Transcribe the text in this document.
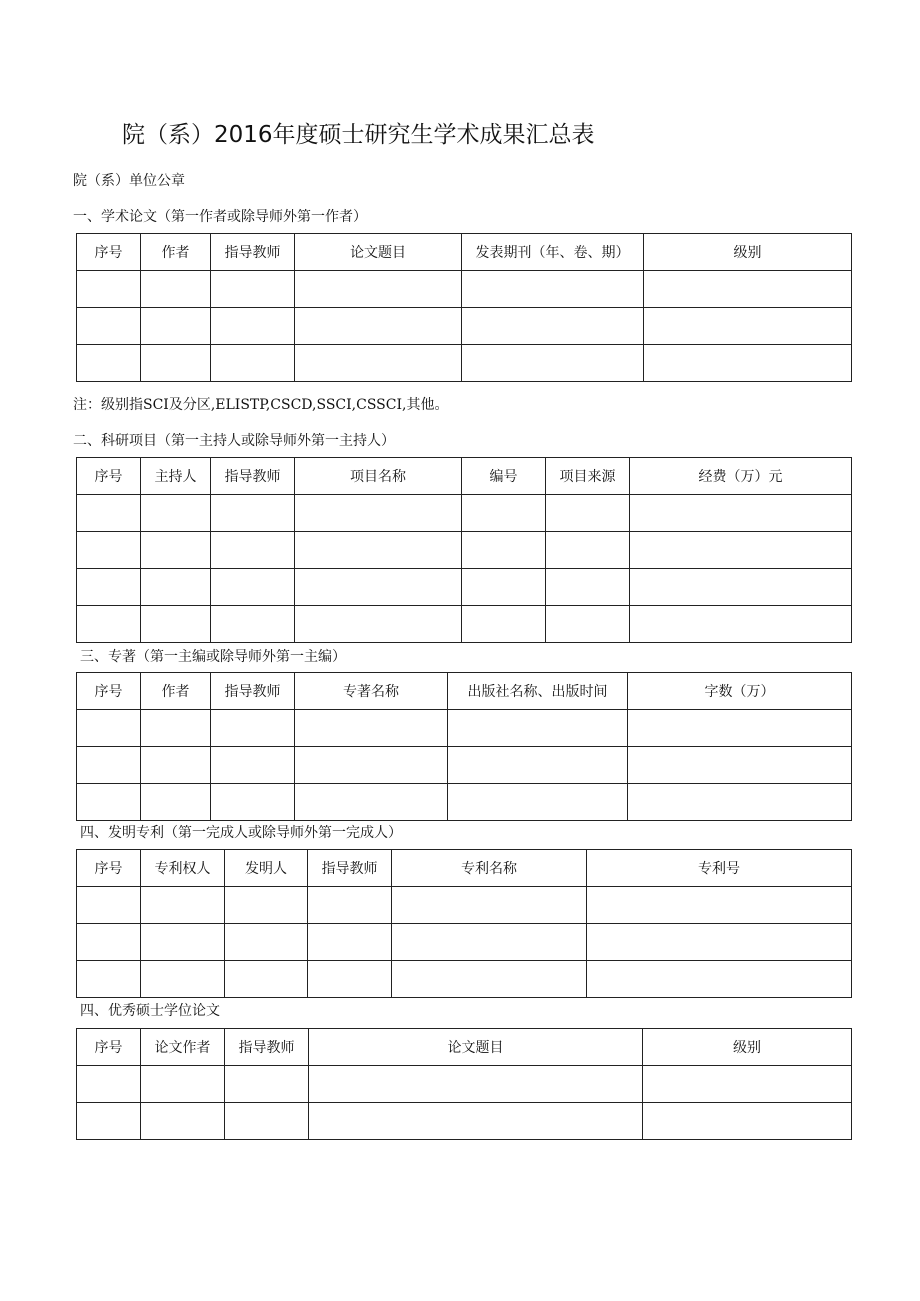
院（系）2016年度硕士研究生学术成果汇总表
院（系）单位公章
一、学术论文（第一作者或除导师外第一作者）
序号	作者	指导教师	论文题目	发表期刊（年、卷、期）	级别

注：级别指SCI及分区,ELISTP,CSCD,SSCI,CSSCI,其他。
二、科研项目（第一主持人或除导师外第一主持人）
序号	主持人	指导教师	项目名称	编号	项目来源	经费（万）元

三、专著（第一主编或除导师外第一主编）
序号	作者	指导教师	专著名称	出版社名称、出版时间	字数（万）

四、发明专利（第一完成人或除导师外第一完成人）
序号	专利权人	发明人	指导教师	专利名称	专利号

四、优秀硕士学位论文
序号	论文作者	指导教师	论文题目	级别
